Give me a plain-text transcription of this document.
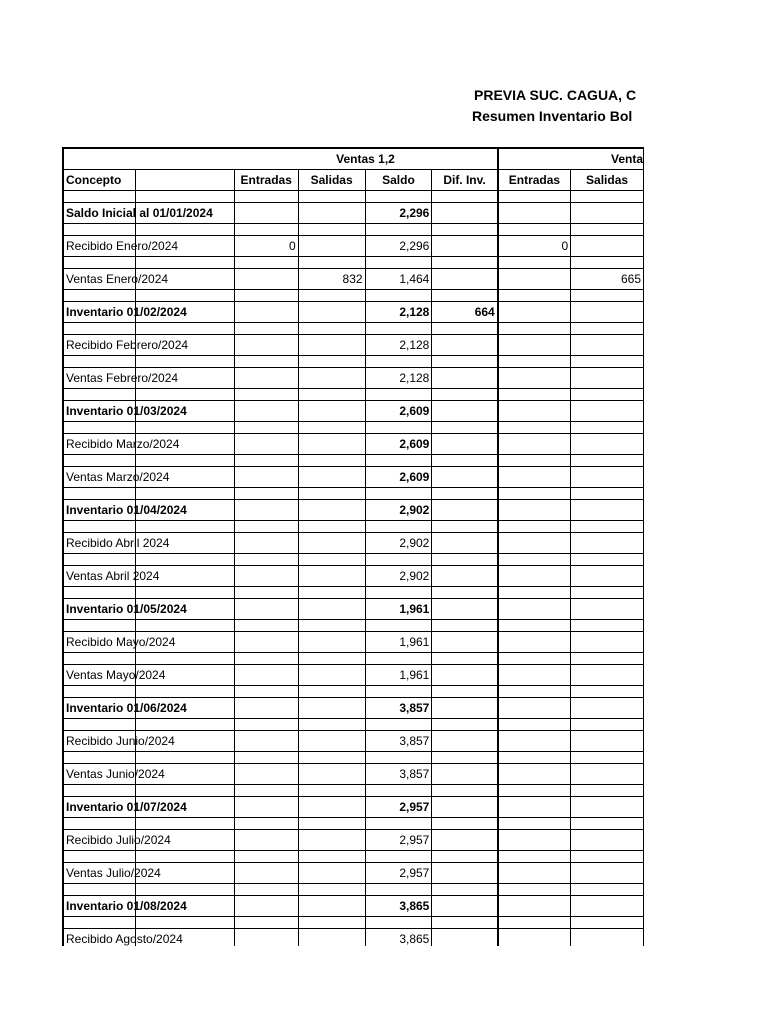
PREVIA SUC. CAGUA, C
Resumen Inventario Bol
		Ventas 1,2				Venta	
Concepto		Entradas	Salidas	Saldo	Dif. Inv.	Entradas	Salidas

Saldo Inicial al 01/01/2024				2,296			

Recibido Enero/2024		0		2,296		0	

Ventas Enero/2024			832	1,464			665

Inventario 01/02/2024				2,128	664		

Recibido Febrero/2024				2,128			

Ventas Febrero/2024				2,128			

Inventario 01/03/2024				2,609			

Recibido Marzo/2024				2,609			

Ventas Marzo/2024				2,609			

Inventario 01/04/2024				2,902			

Recibido Abril 2024				2,902			

Ventas Abril 2024				2,902			

Inventario 01/05/2024				1,961			

Recibido Mayo/2024				1,961			

Ventas Mayo/2024				1,961			

Inventario 01/06/2024				3,857			

Recibido Junio/2024				3,857			

Ventas Junio/2024				3,857			

Inventario 01/07/2024				2,957			

Recibido Julio/2024				2,957			

Ventas Julio/2024				2,957			

Inventario 01/08/2024				3,865			

Recibido Agosto/2024				3,865			
